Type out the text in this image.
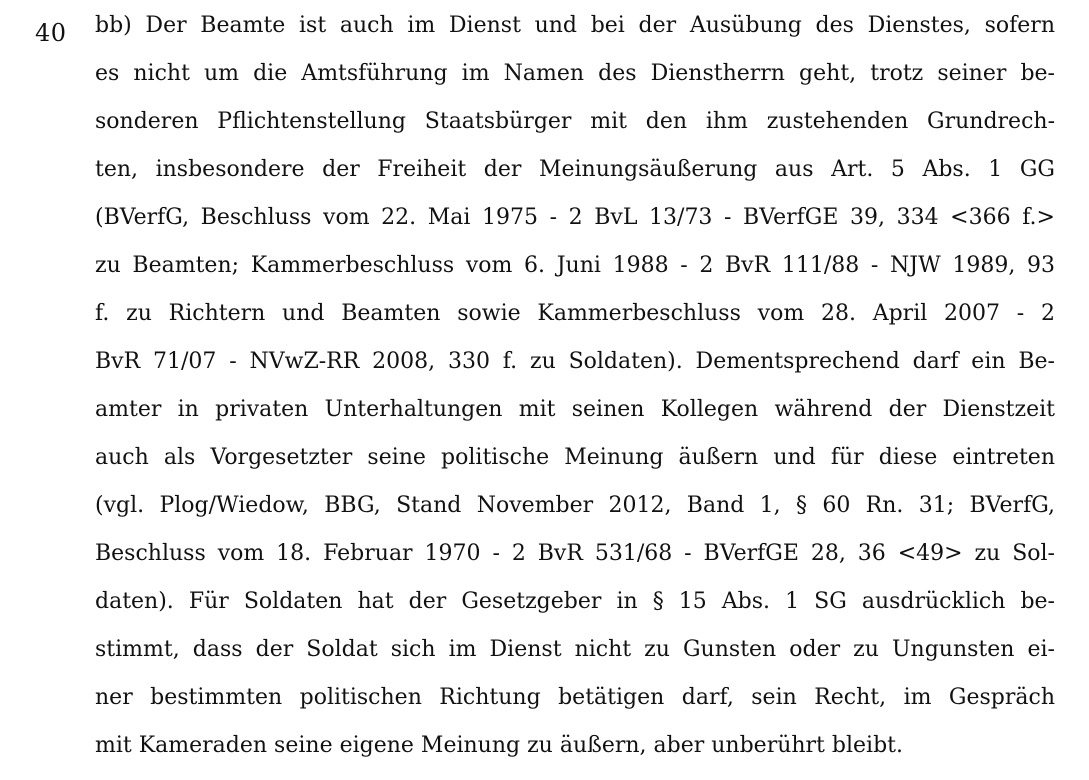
40 bb) Der Beamte ist auch im Dienst und bei der Ausübung des Dienstes, sofern
es nicht um die Amtsführung im Namen des Dienstherrn geht, trotz seiner be-
sonderen Pflichtenstellung Staatsbürger mit den ihm zustehenden Grundrech-
ten, insbesondere der Freiheit der Meinungsäußerung aus Art. 5 Abs. 1 GG
(BVerfG, Beschluss vom 22. Mai 1975 - 2 BvL 13/73 - BVerfGE 39, 334 <366 f.>
zu Beamten; Kammerbeschluss vom 6. Juni 1988 - 2 BvR 111/88 - NJW 1989, 93
f. zu Richtern und Beamten sowie Kammerbeschluss vom 28. April 2007 - 2
BvR 71/07 - NVwZ-RR 2008, 330 f. zu Soldaten). Dementsprechend darf ein Be-
amter in privaten Unterhaltungen mit seinen Kollegen während der Dienstzeit
auch als Vorgesetzter seine politische Meinung äußern und für diese eintreten
(vgl. Plog/Wiedow, BBG, Stand November 2012, Band 1, § 60 Rn. 31; BVerfG,
Beschluss vom 18. Februar 1970 - 2 BvR 531/68 - BVerfGE 28, 36 <49> zu Sol-
daten). Für Soldaten hat der Gesetzgeber in § 15 Abs. 1 SG ausdrücklich be-
stimmt, dass der Soldat sich im Dienst nicht zu Gunsten oder zu Ungunsten ei-
ner bestimmten politischen Richtung betätigen darf, sein Recht, im Gespräch
mit Kameraden seine eigene Meinung zu äußern, aber unberührt bleibt.
